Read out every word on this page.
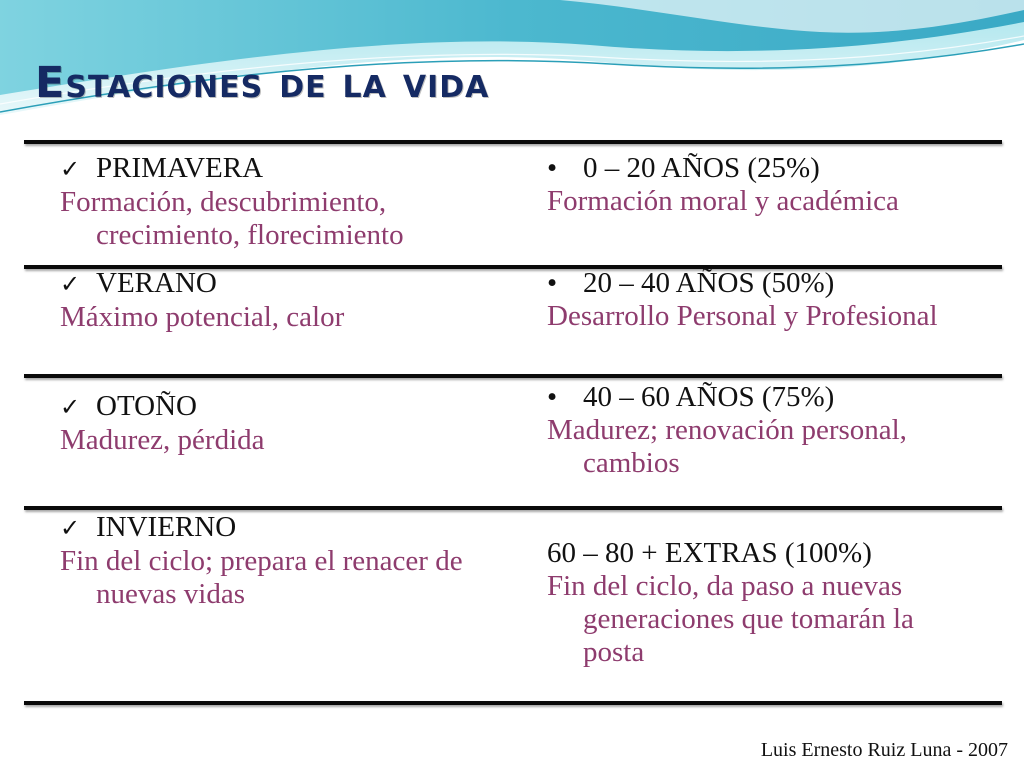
Estaciones de la vida
✓ PRIMAVERA
Formación, descubrimiento, crecimiento, florecimiento
✓ VERANO
Máximo potencial, calor
✓ OTOÑO
Madurez, pérdida
✓ INVIERNO
Fin del ciclo; prepara el renacer de nuevas vidas
• 0 – 20 AÑOS (25%)
Formación moral y académica
• 20 – 40 AÑOS (50%)
Desarrollo Personal y Profesional
• 40 – 60 AÑOS (75%)
Madurez; renovación personal, cambios
60 – 80 + EXTRAS (100%)
Fin del ciclo, da paso a nuevas generaciones que tomarán la posta
Luis Ernesto Ruiz Luna - 2007
